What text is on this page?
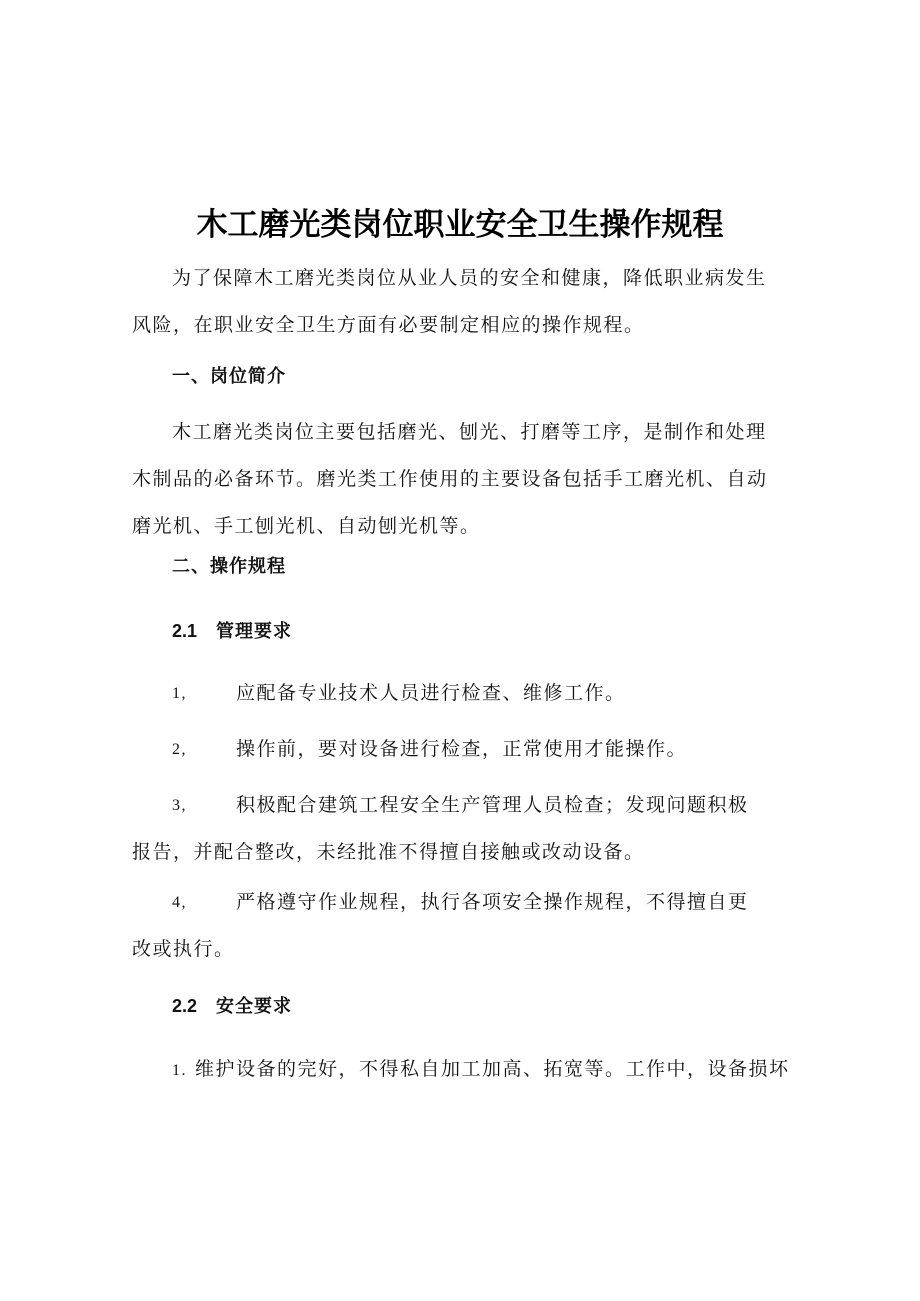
木工磨光类岗位职业安全卫生操作规程

为了保障木工磨光类岗位从业人员的安全和健康，降低职业病发生风险，在职业安全卫生方面有必要制定相应的操作规程。

一、岗位简介

木工磨光类岗位主要包括磨光、刨光、打磨等工序，是制作和处理木制品的必备环节。磨光类工作使用的主要设备包括手工磨光机、自动磨光机、手工刨光机、自动刨光机等。

二、操作规程
2.1 管理要求
1,	应配备专业技术人员进行检查、维修工作。
2,	操作前，要对设备进行检查，正常使用才能操作。
3,	积极配合建筑工程安全生产管理人员检查；发现问题积极
报告，并配合整改，未经批准不得擅自接触或改动设备。
4,	严格遵守作业规程，执行各项安全操作规程，不得擅自更
改或执行。
2.2 安全要求

1. 维护设备的完好，不得私自加工加高、拓宽等。工作中，设备损坏
